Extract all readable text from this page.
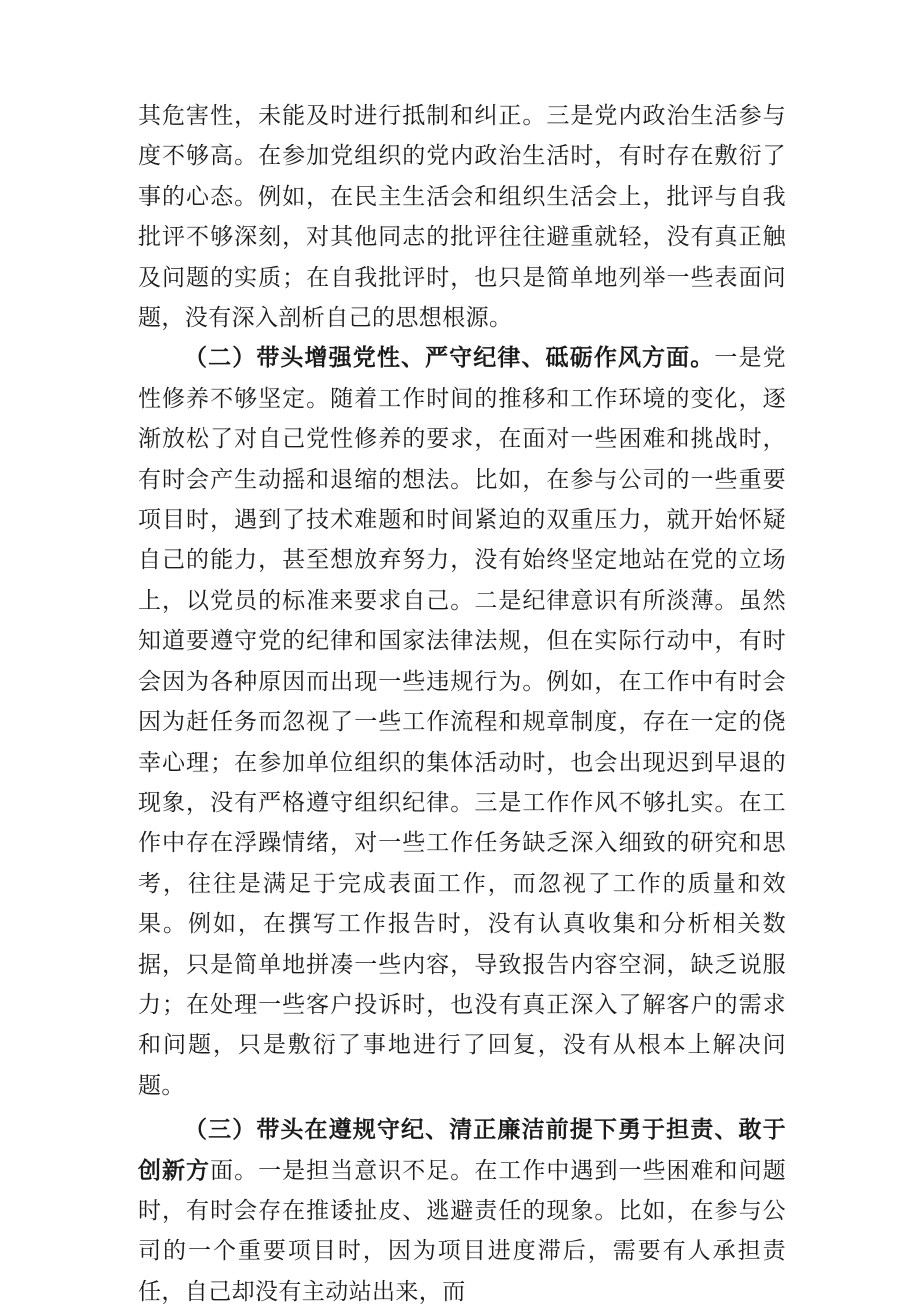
其危害性，未能及时进行抵制和纠正。三是党内政治生活参与度不够高。在参加党组织的党内政治生活时，有时存在敷衍了事的心态。例如，在民主生活会和组织生活会上，批评与自我批评不够深刻，对其他同志的批评往往避重就轻，没有真正触及问题的实质；在自我批评时，也只是简单地列举一些表面问题，没有深入剖析自己的思想根源。

（二）带头增强党性、严守纪律、砥砺作风方面。一是党性修养不够坚定。随着工作时间的推移和工作环境的变化，逐渐放松了对自己党性修养的要求，在面对一些困难和挑战时，有时会产生动摇和退缩的想法。比如，在参与公司的一些重要项目时，遇到了技术难题和时间紧迫的双重压力，就开始怀疑自己的能力，甚至想放弃努力，没有始终坚定地站在党的立场上，以党员的标准来要求自己。二是纪律意识有所淡薄。虽然知道要遵守党的纪律和国家法律法规，但在实际行动中，有时会因为各种原因而出现一些违规行为。例如，在工作中有时会因为赶任务而忽视了一些工作流程和规章制度，存在一定的侥幸心理；在参加单位组织的集体活动时，也会出现迟到早退的现象，没有严格遵守组织纪律。三是工作作风不够扎实。在工作中存在浮躁情绪，对一些工作任务缺乏深入细致的研究和思考，往往是满足于完成表面工作，而忽视了工作的质量和效果。例如，在撰写工作报告时，没有认真收集和分析相关数据，只是简单地拼凑一些内容，导致报告内容空洞，缺乏说服力；在处理一些客户投诉时，也没有真正深入了解客户的需求和问题，只是敷衍了事地进行了回复，没有从根本上解决问题。

（三）带头在遵规守纪、清正廉洁前提下勇于担责、敢于创新方面。一是担当意识不足。在工作中遇到一些困难和问题时，有时会存在推诿扯皮、逃避责任的现象。比如，在参与公司的一个重要项目时，因为项目进度滞后，需要有人承担责任，自己却没有主动站出来，而
